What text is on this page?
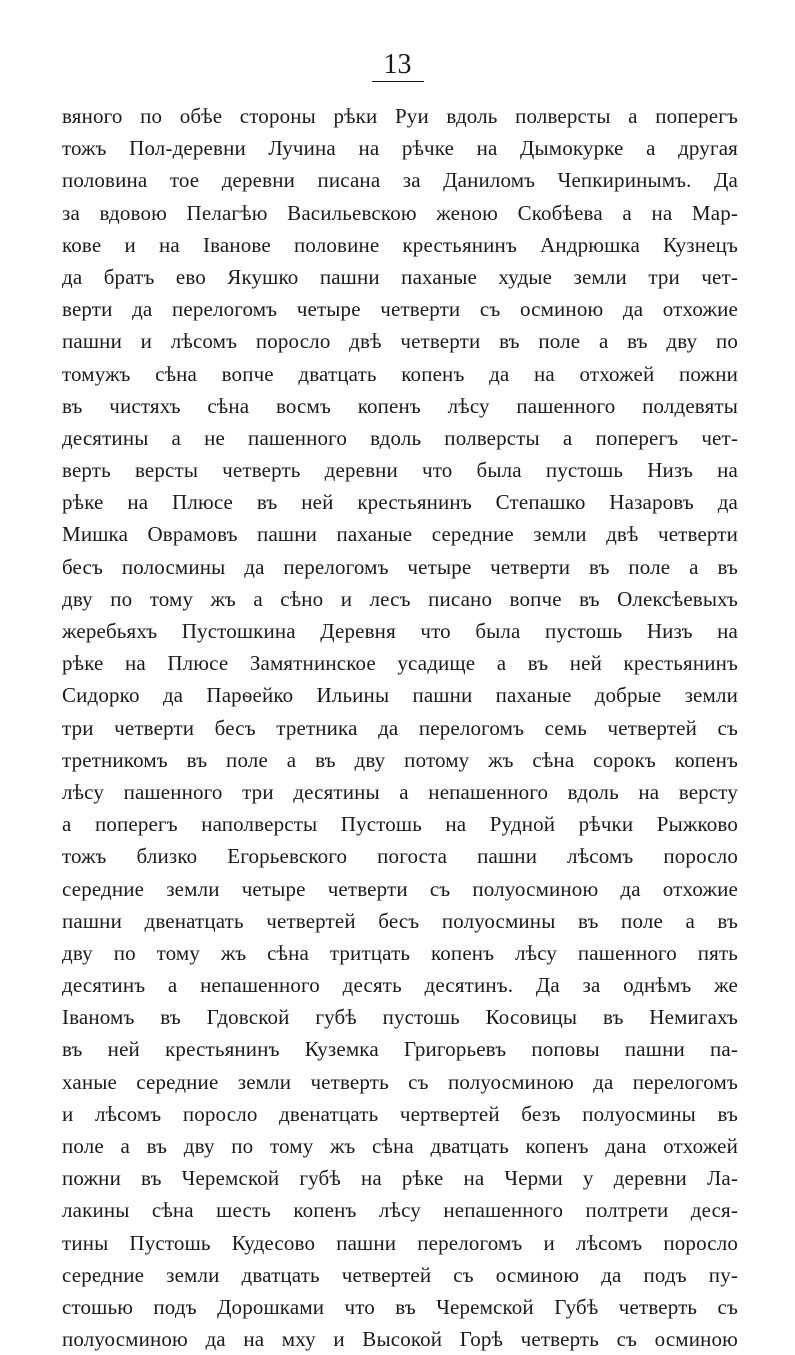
13
вяного по обѣе стороны рѣки Руи вдоль полверсты а поперегъ
тожъ Пол-деревни Лучина на рѣчке на Дымокурке а другая
половина тое деревни писана за Даниломъ Чепкиринымъ. Да
за вдовою Пелагѣю Васильевскою женою Скобѣева а на Мар-
кове и на Іванове половине крестьянинъ Андрюшка Кузнецъ
да братъ ево Якушко пашни паханые худые земли три чет-
верти да перелогомъ четыре четверти съ осминою да отхожие
пашни и лѣсомъ поросло двѣ четверти въ поле а въ дву по
томужъ сѣна вопче дватцать копенъ да на отхожей пожни
въ чистяхъ сѣна восмъ копенъ лѣсу пашенного полдевяты
десятины а не пашенного вдоль полверсты а поперегъ чет-
верть версты четверть деревни что была пустошь Низъ на
рѣке на Плюсе въ ней крестьянинъ Степашко Назаровъ да
Мишка Оврамовъ пашни паханые середние земли двѣ четверти
бесъ полосмины да перелогомъ четыре четверти въ поле а въ
дву по тому жъ а сѣно и лесъ писано вопче въ Олексѣевыхъ
жеребьяхъ Пустошкина Деревня что была пустошь Низъ на
рѣке на Плюсе Замятнинское усадище а въ ней крестьянинъ
Сидорко да Парѳейко Ильины пашни паханые добрые земли
три четверти бесъ третника да перелогомъ семь четвертей съ
третникомъ въ поле а въ дву потому жъ сѣна сорокъ копенъ
лѣсу пашенного три десятины а непашенного вдоль на версту
а поперегъ наполверсты Пустошь на Рудной рѣчки Рыжково
тожъ близко Егорьевского погоста пашни лѣсомъ поросло
середние земли четыре четверти съ полуосминою да отхожие
пашни двенатцать четвертей бесъ полуосмины въ поле а въ
дву по тому жъ сѣна тритцать копенъ лѣсу пашенного пять
десятинъ а непашенного десять десятинъ. Да за однѣмъ же
Іваномъ въ Гдовской губѣ пустошь Косовицы въ Немигахъ
въ ней крестьянинъ Куземка Григорьевъ поповы пашни па-
ханые середние земли четверть съ полуосминою да перелогомъ
и лѣсомъ поросло двенатцать чертвертей безъ полуосмины въ
поле а въ дву по тому жъ сѣна дватцать копенъ дана отхожей
пожни въ Черемской губѣ на рѣке на Черми у деревни Ла-
лакины сѣна шесть копенъ лѣсу непашенного полтрети деся-
тины Пустошь Кудесово пашни перелогомъ и лѣсомъ поросло
середние земли дватцать четвертей съ осминою да подъ пу-
стошью подъ Дорошками что въ Черемской Губѣ четверть съ
полуосминою да на мху и Высокой Горѣ четверть съ осминою
